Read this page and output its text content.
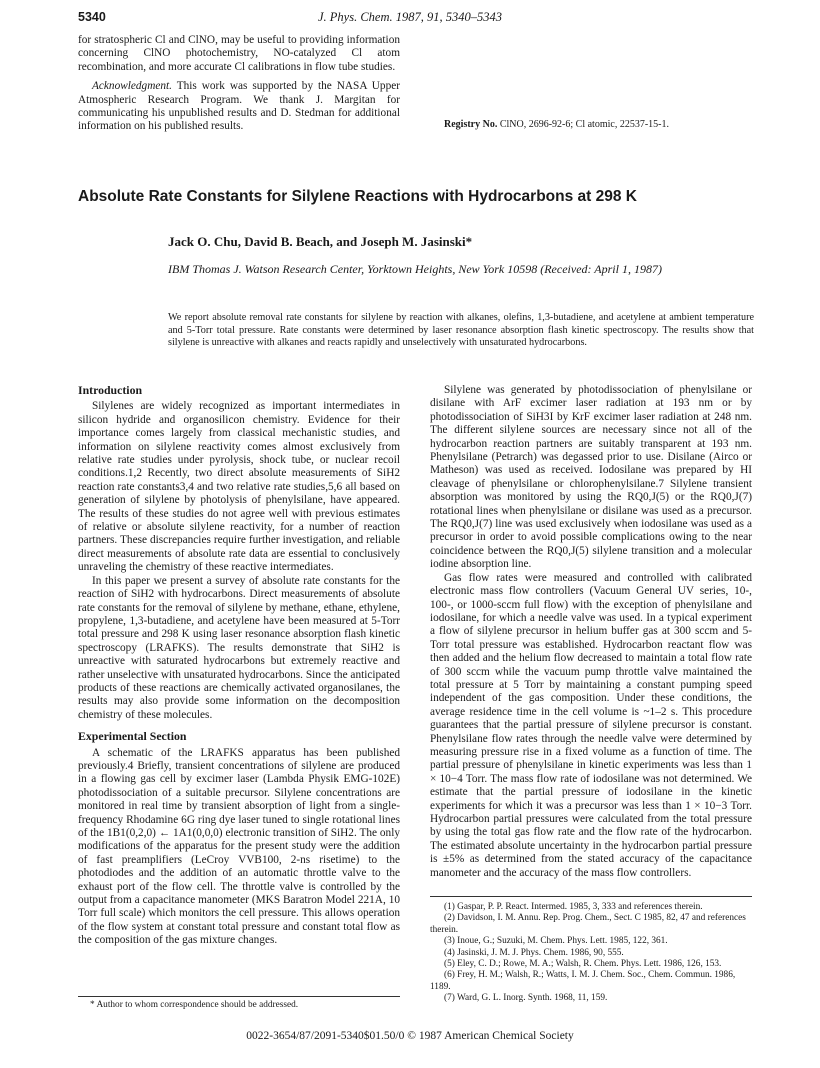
5340	J. Phys. Chem. 1987, 91, 5340–5343

for stratospheric Cl and ClNO, may be useful to providing information concerning ClNO photochemistry, NO-catalyzed Cl atom recombination, and more accurate Cl calibrations in flow tube studies.

Acknowledgment. This work was supported by the NASA Upper Atmospheric Research Program. We thank J. Margitan for communicating his unpublished results and D. Stedman for additional information on his published results.	Registry No. ClNO, 2696-92-6; Cl atomic, 22537-15-1.

Absolute Rate Constants for Silylene Reactions with Hydrocarbons at 298 K
Jack O. Chu, David B. Beach, and Joseph M. Jasinski*
IBM Thomas J. Watson Research Center, Yorktown Heights, New York 10598 (Received: April 1, 1987)
We report absolute removal rate constants for silylene by reaction with alkanes, olefins, 1,3-butadiene, and acetylene at ambient temperature and 5-Torr total pressure. Rate constants were determined by laser resonance absorption flash kinetic spectroscopy. The results show that silylene is unreactive with alkanes and reacts rapidly and unselectively with unsaturated hydrocarbons.

Introduction

Silylenes are widely recognized as important intermediates in silicon hydride and organosilicon chemistry. Evidence for their importance comes largely from classical mechanistic studies, and information on silylene reactivity comes almost exclusively from relative rate studies under pyrolysis, shock tube, or nuclear recoil conditions.1,2 Recently, two direct absolute measurements of SiH2 reaction rate constants3,4 and two relative rate studies,5,6 all based on generation of silylene by photolysis of phenylsilane, have appeared. The results of these studies do not agree well with previous estimates of relative or absolute silylene reactivity, for a number of reaction partners. These discrepancies require further investigation, and reliable direct measurements of absolute rate data are essential to conclusively unraveling the chemistry of these reactive intermediates.

In this paper we present a survey of absolute rate constants for the reaction of SiH2 with hydrocarbons. Direct measurements of absolute rate constants for the removal of silylene by methane, ethane, ethylene, propylene, 1,3-butadiene, and acetylene have been measured at 5-Torr total pressure and 298 K using laser resonance absorption flash kinetic spectroscopy (LRAFKS). The results demonstrate that SiH2 is unreactive with saturated hydrocarbons but extremely reactive and rather unselective with unsaturated hydrocarbons. Since the anticipated products of these reactions are chemically activated organosilanes, the results may also provide some information on the decomposition chemistry of these molecules.

Experimental Section

A schematic of the LRAFKS apparatus has been published previously.4 Briefly, transient concentrations of silylene are produced in a flowing gas cell by excimer laser (Lambda Physik EMG-102E) photodissociation of a suitable precursor. Silylene concentrations are monitored in real time by transient absorption of light from a single-frequency Rhodamine 6G ring dye laser tuned to single rotational lines of the 1B1(0,2,0) ← 1A1(0,0,0) electronic transition of SiH2. The only modifications of the apparatus for the present study were the addition of fast preamplifiers (LeCroy VVB100, 2-ns risetime) to the photodiodes and the addition of an automatic throttle valve to the exhaust port of the flow cell. The throttle valve is controlled by the output from a capacitance manometer (MKS Baratron Model 221A, 10 Torr full scale) which monitors the cell pressure. This allows operation of the flow system at constant total pressure and constant total flow as the composition of the gas mixture changes.

* Author to whom correspondence should be addressed.

Silylene was generated by photodissociation of phenylsilane or disilane with ArF excimer laser radiation at 193 nm or by photodissociation of SiH3I by KrF excimer laser radiation at 248 nm. The different silylene sources are necessary since not all of the hydrocarbon reaction partners are suitably transparent at 193 nm. Phenylsilane (Petrarch) was degassed prior to use. Disilane (Airco or Matheson) was used as received. Iodosilane was prepared by HI cleavage of phenylsilane or chlorophenylsilane.7 Silylene transient absorption was monitored by using the RQ0,J(5) or the RQ0,J(7) rotational lines when phenylsilane or disilane was used as a precursor. The RQ0,J(7) line was used exclusively when iodosilane was used as a precursor in order to avoid possible complications owing to the near coincidence between the RQ0,J(5) silylene transition and a molecular iodine absorption line.

Gas flow rates were measured and controlled with calibrated electronic mass flow controllers (Vacuum General UV series, 10-, 100-, or 1000-sccm full flow) with the exception of phenylsilane and iodosilane, for which a needle valve was used. In a typical experiment a flow of silylene precursor in helium buffer gas at 300 sccm and 5-Torr total pressure was established. Hydrocarbon reactant flow was then added and the helium flow decreased to maintain a total flow rate of 300 sccm while the vacuum pump throttle valve maintained the total pressure at 5 Torr by maintaining a constant pumping speed independent of the gas composition. Under these conditions, the average residence time in the cell volume is ~1–2 s. This procedure guarantees that the partial pressure of silylene precursor is constant. Phenylsilane flow rates through the needle valve were determined by measuring pressure rise in a fixed volume as a function of time. The partial pressure of phenylsilane in kinetic experiments was less than 1 × 10−4 Torr. The mass flow rate of iodosilane was not determined. We estimate that the partial pressure of iodosilane in the kinetic experiments for which it was a precursor was less than 1 × 10−3 Torr. Hydrocarbon partial pressures were calculated from the total pressure by using the total gas flow rate and the flow rate of the hydrocarbon. The estimated absolute uncertainty in the hydrocarbon partial pressure is ±5% as determined from the stated accuracy of the capacitance manometer and the accuracy of the mass flow controllers.

(1) Gaspar, P. P. React. Intermed. 1985, 3, 333 and references therein.

(2) Davidson, I. M. Annu. Rep. Prog. Chem., Sect. C 1985, 82, 47 and references therein.

(3) Inoue, G.; Suzuki, M. Chem. Phys. Lett. 1985, 122, 361.

(4) Jasinski, J. M. J. Phys. Chem. 1986, 90, 555.

(5) Eley, C. D.; Rowe, M. A.; Walsh, R. Chem. Phys. Lett. 1986, 126, 153.

(6) Frey, H. M.; Walsh, R.; Watts, I. M. J. Chem. Soc., Chem. Commun. 1986, 1189.

(7) Ward, G. L. Inorg. Synth. 1968, 11, 159.

0022-3654/87/2091-5340$01.50/0 © 1987 American Chemical Society
